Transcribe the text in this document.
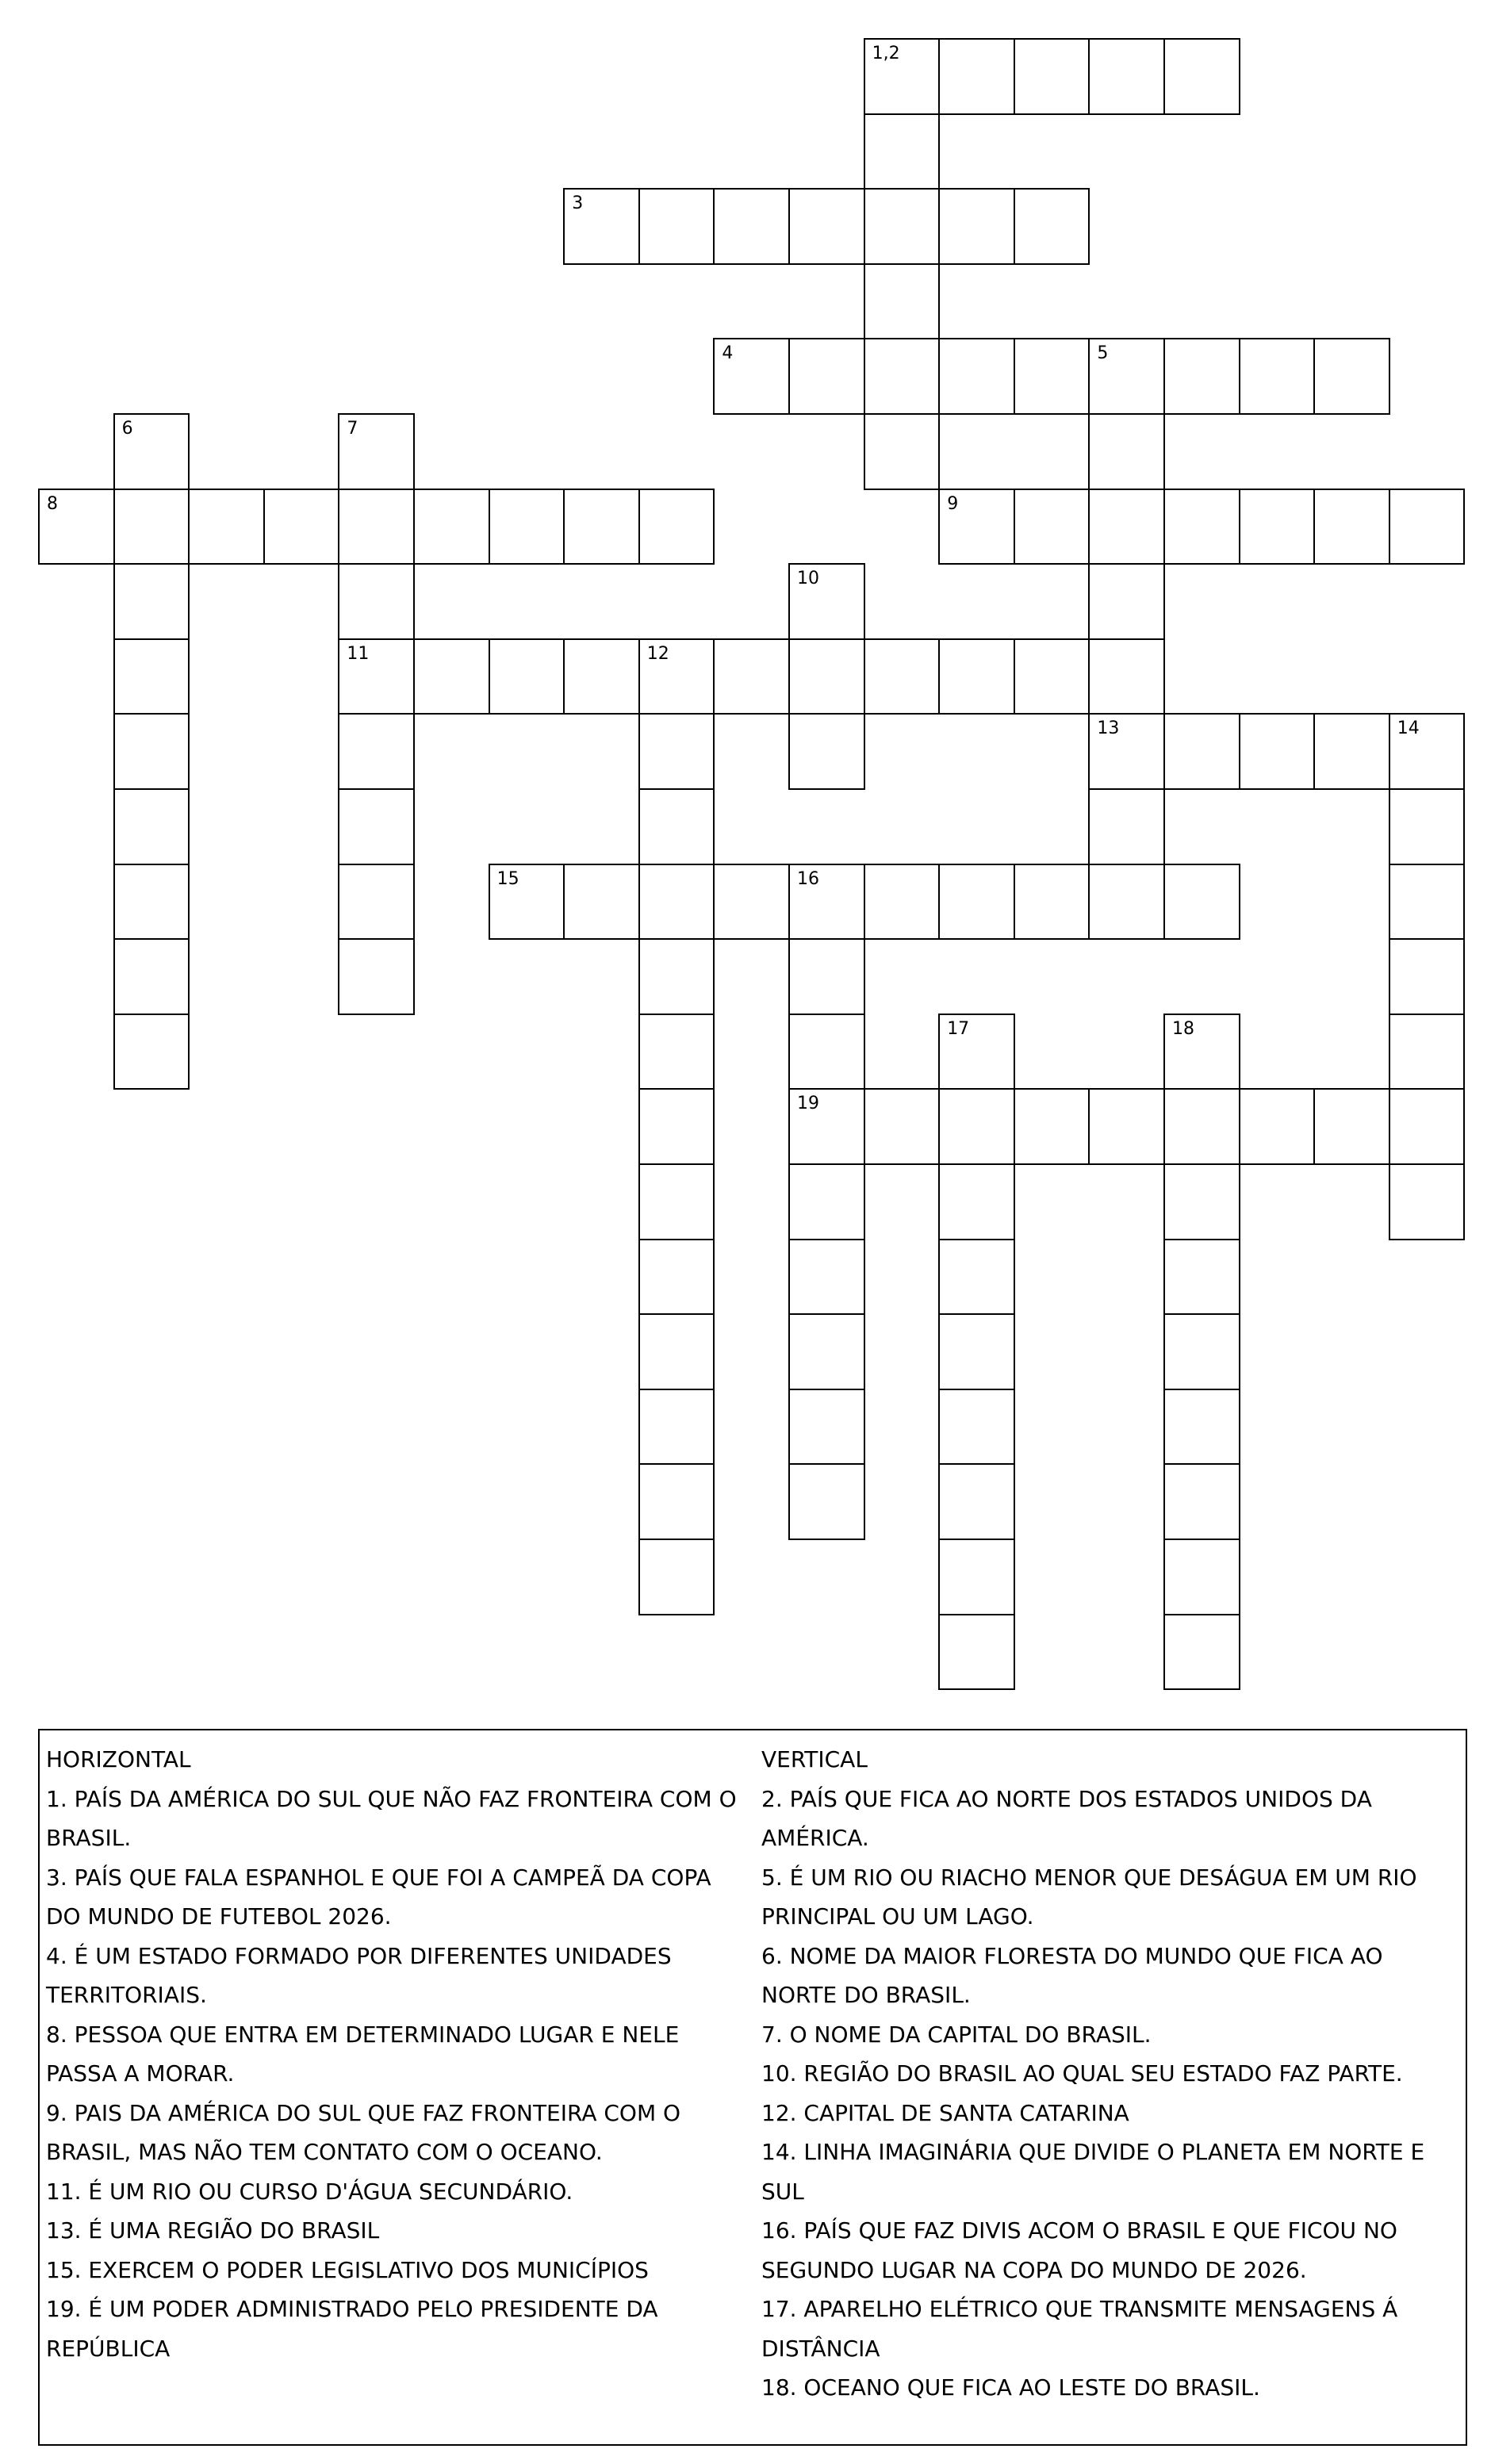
1,2
3
4	5
8	9
11	12
13	14
15	16
19
6	7
10
17	18
HORIZONTAL
1. PAÍS DA AMÉRICA DO SUL QUE NÃO FAZ FRONTEIRA COM O
BRASIL.
3. PAÍS QUE FALA ESPANHOL E QUE FOI A CAMPEÃ DA COPA
DO MUNDO DE FUTEBOL 2026.
4. É UM ESTADO FORMADO POR DIFERENTES UNIDADES
TERRITORIAIS.
8. PESSOA QUE ENTRA EM DETERMINADO LUGAR E NELE
PASSA A MORAR.
9. PAIS DA AMÉRICA DO SUL QUE FAZ FRONTEIRA COM O
BRASIL, MAS NÃO TEM CONTATO COM O OCEANO.
11. É UM RIO OU CURSO D'ÁGUA SECUNDÁRIO.
13. É UMA REGIÃO DO BRASIL
15. EXERCEM O PODER LEGISLATIVO DOS MUNICÍPIOS
19. É UM PODER ADMINISTRADO PELO PRESIDENTE DA
REPÚBLICA
VERTICAL
2. PAÍS QUE FICA AO NORTE DOS ESTADOS UNIDOS DA
AMÉRICA.
5. É UM RIO OU RIACHO MENOR QUE DESÁGUA EM UM RIO
PRINCIPAL OU UM LAGO.
6. NOME DA MAIOR FLORESTA DO MUNDO QUE FICA AO
NORTE DO BRASIL.
7. O NOME DA CAPITAL DO BRASIL.
10. REGIÃO DO BRASIL AO QUAL SEU ESTADO FAZ PARTE.
12. CAPITAL DE SANTA CATARINA
14. LINHA IMAGINÁRIA QUE DIVIDE O PLANETA EM NORTE E
SUL
16. PAÍS QUE FAZ DIVIS ACOM O BRASIL E QUE FICOU NO
SEGUNDO LUGAR NA COPA DO MUNDO DE 2026.
17. APARELHO ELÉTRICO QUE TRANSMITE MENSAGENS Á
DISTÂNCIA
18. OCEANO QUE FICA AO LESTE DO BRASIL.
